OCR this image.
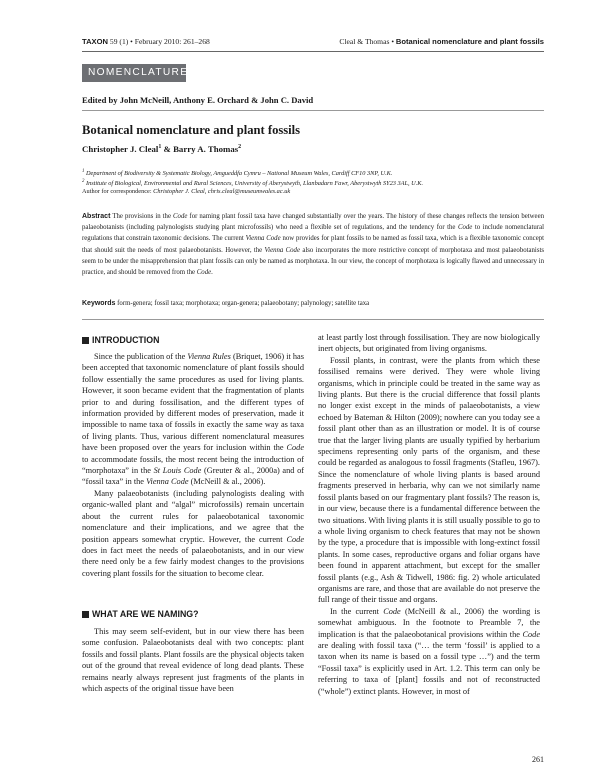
TAXON 59 (1) • February 2010: 261–268	Cleal & Thomas • Botanical nomenclature and plant fossils
NOMENCLATURE
Edited by John McNeill, Anthony E. Orchard & John C. David
Botanical nomenclature and plant fossils
Christopher J. Cleal$^1$ & Barry A. Thomas$^2$
$^1$ Department of Biodiversity & Systematic Biology, Amgueddfa Cymru – National Museum Wales, Cardiff CF10 3NP, U.K.
$^2$ Institute of Biological, Environmental and Rural Sciences, University of Aberystwyth, Llanbadarn Fawr, Aberystwyth SY23 3AL, U.K.
Author for correspondence: Christopher J. Cleal, chris.cleal@museumwales.ac.uk
Abstract The provisions in the Code for naming plant fossil taxa have changed substantially over the years. The history of these changes reflects the tension between palaeobotanists (including palynologists studying plant microfossils) who need a flexible set of regulations, and the tendency for the Code to include nomenclatural regulations that constrain taxonomic decisions. The current Vienna Code now provides for plant fossils to be named as fossil taxa, which is a flexible taxonomic concept that should suit the needs of most palaeobotanists. However, the Vienna Code also incorporates the more restrictive concept of morphotaxa and most palaeobotanists seem to be under the misapprehension that plant fossils can only be named as morphotaxa. In our view, the concept of morphotaxa is logically flawed and unnecessary in practice, and should be removed from the Code.
Keywords form-genera; fossil taxa; morphotaxa; organ-genera; palaeobotany; palynology; satellite taxa
INTRODUCTION

Since the publication of the Vienna Rules (Briquet, 1906) it has been accepted that taxonomic nomenclature of plant fossils should follow essentially the same procedures as used for living plants. However, it soon became evident that the fragmentation of plants prior to and during fossilisation, and the different types of information provided by different modes of preservation, made it impossible to name taxa of fossils in exactly the same way as taxa of living plants. Thus, various different nomenclatural measures have been proposed over the years for inclusion within the Code to accommodate fossils, the most recent being the introduction of “morphotaxa” in the St Louis Code (Greuter & al., 2000a) and of “fossil taxa” in the Vienna Code (McNeill & al., 2006).

Many palaeobotanists (including palynologists dealing with organic-walled plant and “algal” microfossils) remain uncertain about the current rules for palaeobotanical taxonomic nomenclature and their implications, and we agree that the position appears somewhat cryptic. However, the current Code does in fact meet the needs of palaeobotanists, and in our view there need only be a few fairly modest changes to the provisions covering plant fossils for the situation to become clear.

WHAT ARE WE NAMING?

This may seem self-evident, but in our view there has been some confusion. Palaeobotanists deal with two concepts: plant fossils and fossil plants. Plant fossils are the physical objects taken out of the ground that reveal evidence of long dead plants. These remains nearly always represent just fragments of the plants in which aspects of the original tissue have been

at least partly lost through fossilisation. They are now biologically inert objects, but originated from living organisms.

Fossil plants, in contrast, were the plants from which these fossilised remains were derived. They were whole living organisms, which in principle could be treated in the same way as living plants. But there is the crucial difference that fossil plants no longer exist except in the minds of palaeobotanists, a view echoed by Bateman & Hilton (2009); nowhere can you today see a fossil plant other than as an illustration or model. It is of course true that the larger living plants are usually typified by herbarium specimens representing only parts of the organism, and these could be regarded as analogous to fossil fragments (Stafleu, 1967). Since the nomenclature of whole living plants is based around fragments preserved in herbaria, why can we not similarly name fossil plants based on our fragmentary plant fossils? The reason is, in our view, because there is a fundamental difference between the two situations. With living plants it is still usually possible to go to a whole living organism to check features that may not be shown by the type, a procedure that is impossible with long-extinct fossil plants. In some cases, reproductive organs and foliar organs have been found in apparent attachment, but except for the smaller fossil plants (e.g., Ash & Tidwell, 1986: fig. 2) whole articulated organisms are rare, and those that are available do not preserve the full range of their tissue and organs.

In the current Code (McNeill & al., 2006) the wording is somewhat ambiguous. In the footnote to Preamble 7, the implication is that the palaeobotanical provisions within the Code are dealing with fossil taxa (“… the term ‘fossil’ is applied to a taxon when its name is based on a fossil type …”) and the term “Fossil taxa” is explicitly used in Art. 1.2. This term can only be referring to taxa of [plant] fossils and not of reconstructed (“whole”) extinct plants. However, in most of

261
